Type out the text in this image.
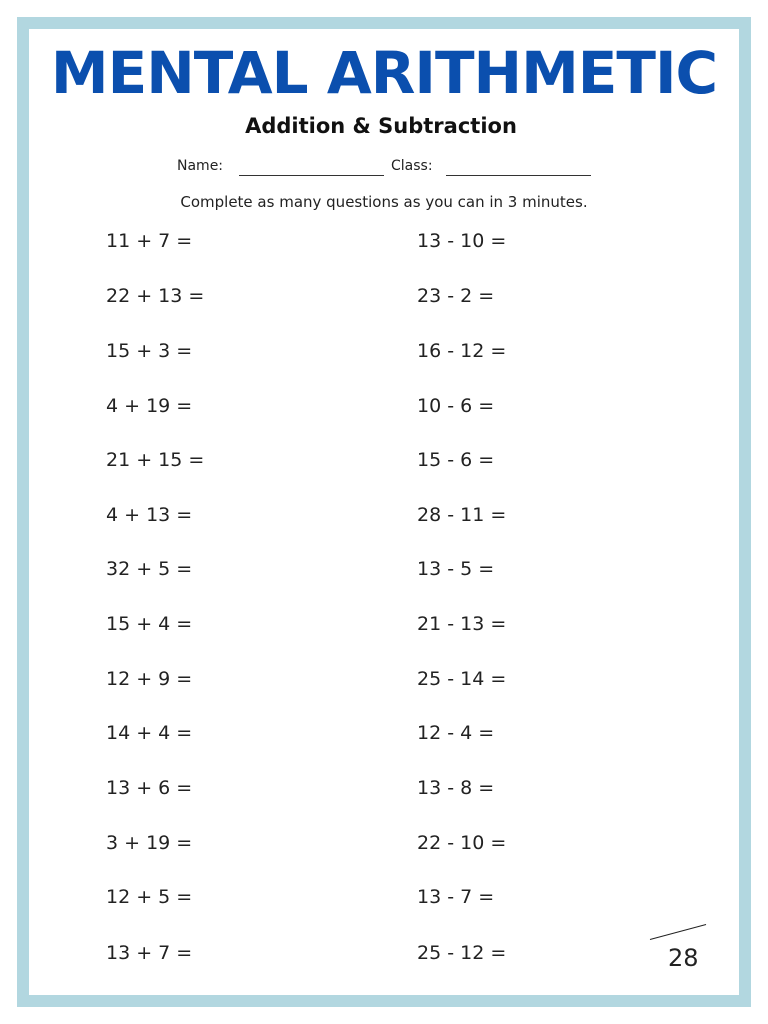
MENTAL ARITHMETIC
Addition & Subtraction
Name:	Class:
Complete as many questions as you can in 3 minutes.
11 + 7 =
22 + 13 =
15 + 3 =
4 + 19 =
21 + 15 =
4 + 13 =
32 + 5 =
15 + 4 =
12 + 9 =
14 + 4 =
13 + 6 =
3 + 19 =
12 + 5 =
13 + 7 =
13 - 10 =
23 - 2 =
16 - 12 =
10 - 6 =
15 - 6 =
28 - 11 =
13 - 5 =
21 - 13 =
25 - 14 =
12 - 4 =
13 - 8 =
22 - 10 =
13 - 7 =
25 - 12 =	28
